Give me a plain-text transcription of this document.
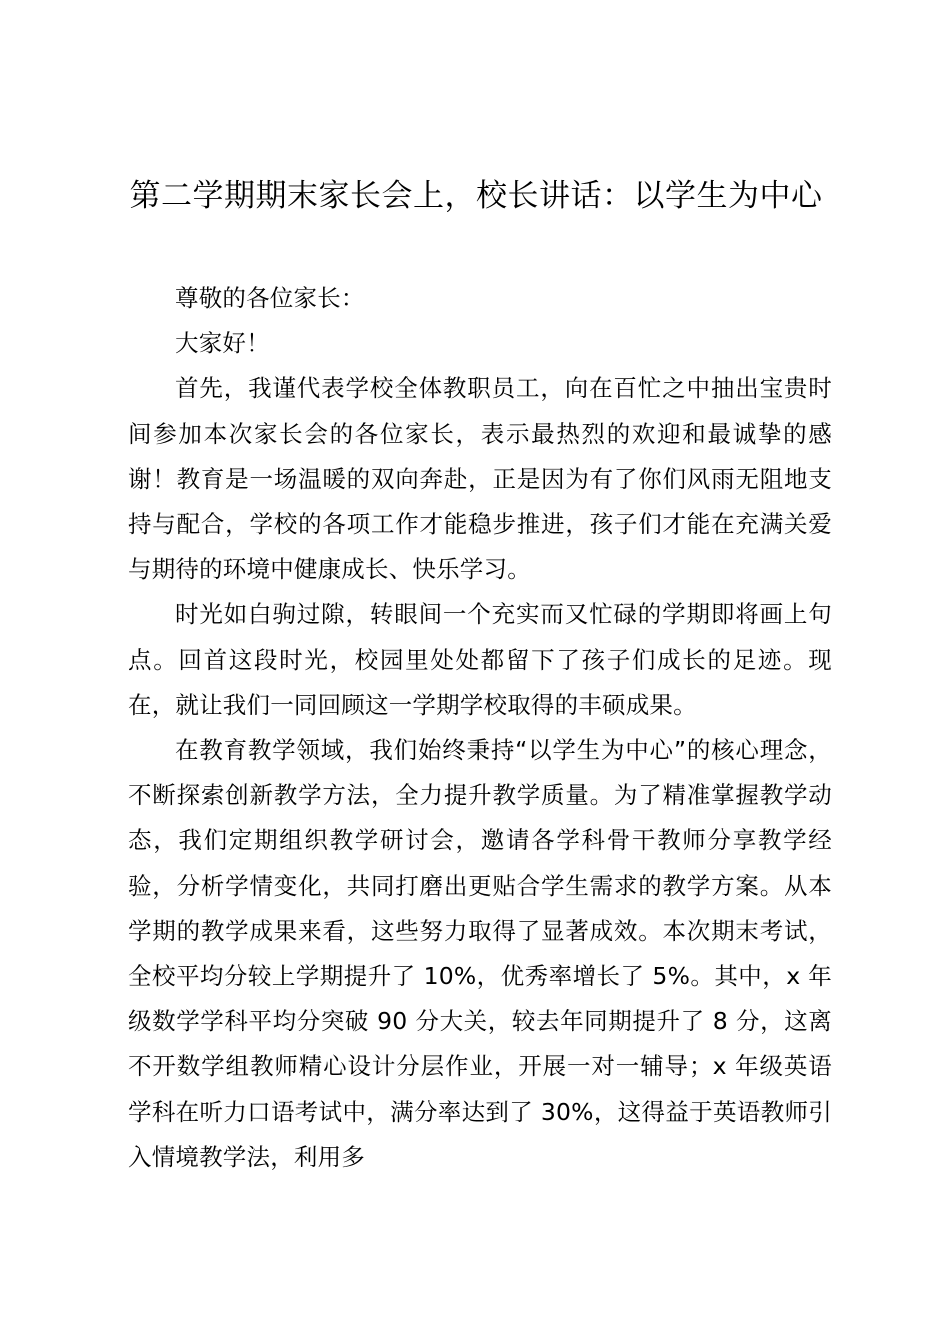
第二学期期末家长会上，校长讲话：以学生为中心

尊敬的各位家长：

大家好！

首先，我谨代表学校全体教职员工，向在百忙之中抽出宝贵时间参加本次家长会的各位家长，表示最热烈的欢迎和最诚挚的感谢！教育是一场温暖的双向奔赴，正是因为有了你们风雨无阻地支持与配合，学校的各项工作才能稳步推进，孩子们才能在充满关爱与期待的环境中健康成长、快乐学习。

时光如白驹过隙，转眼间一个充实而又忙碌的学期即将画上句点。回首这段时光，校园里处处都留下了孩子们成长的足迹。现在，就让我们一同回顾这一学期学校取得的丰硕成果。

在教育教学领域，我们始终秉持“以学生为中心”的核心理念，不断探索创新教学方法，全力提升教学质量。为了精准掌握教学动态，我们定期组织教学研讨会，邀请各学科骨干教师分享教学经验，分析学情变化，共同打磨出更贴合学生需求的教学方案。从本学期的教学成果来看，这些努力取得了显著成效。本次期末考试，全校平均分较上学期提升了 10%，优秀率增长了 5%。其中，x 年级数学学科平均分突破 90 分大关，较去年同期提升了 8 分，这离不开数学组教师精心设计分层作业，开展一对一辅导；x 年级英语学科在听力口语考试中，满分率达到了 30%，这得益于英语教师引入情境教学法，利用多
